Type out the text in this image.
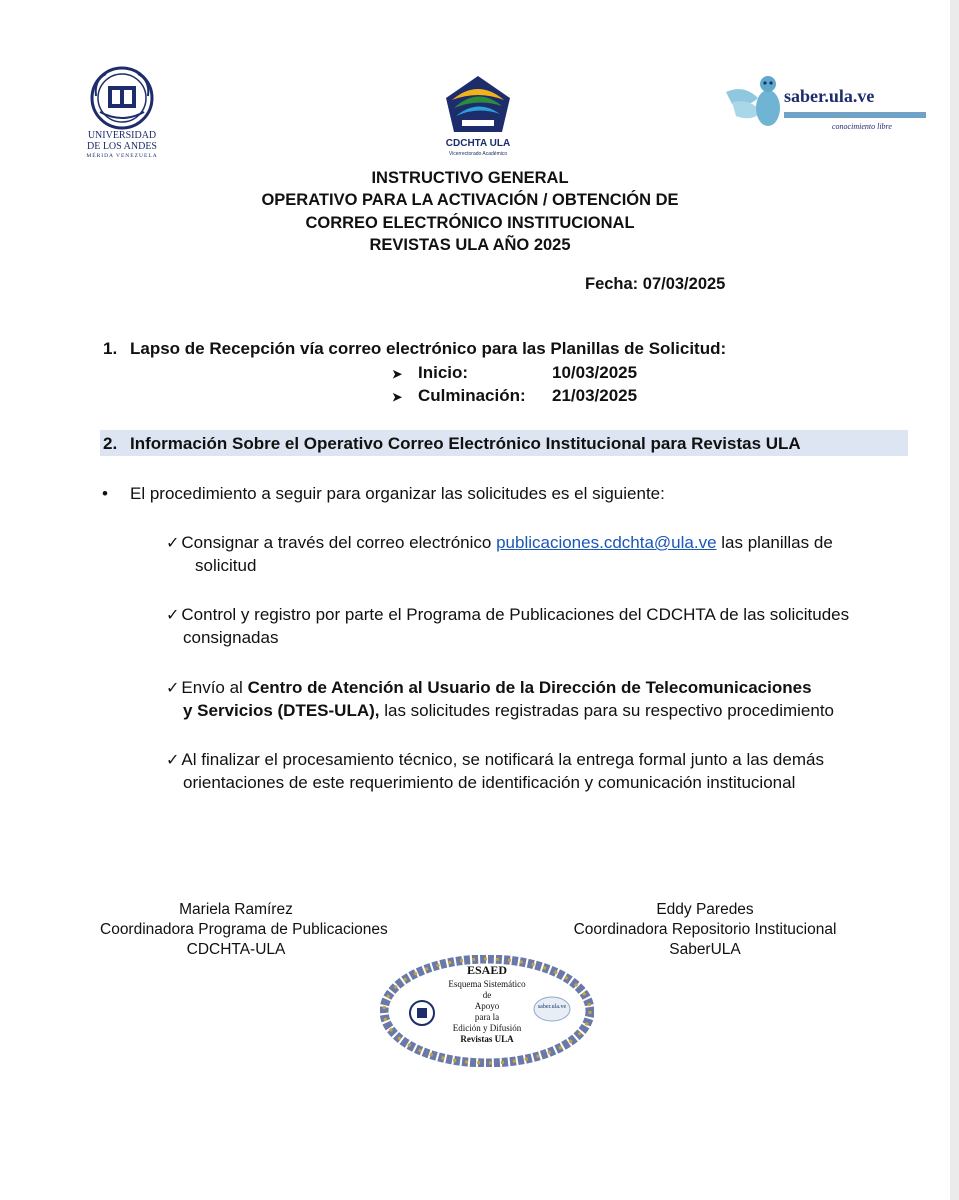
UNIVERSIDAD
DE LOS ANDES
MÉRIDA VENEZUELA
CDCHTA ULA
Vicerrectorado Académico
saber.ula.ve
conocimiento libre
INSTRUCTIVO GENERAL
OPERATIVO PARA LA ACTIVACIÓN / OBTENCIÓN DE
CORREO ELECTRÓNICO INSTITUCIONAL
REVISTAS ULA AÑO 2025
Fecha: 07/03/2025
1. Lapso de Recepción vía correo electrónico para las Planillas de Solicitud:
➤ Inicio:	10/03/2025
➤ Culminación: 21/03/2025
2. Información Sobre el Operativo Correo Electrónico Institucional para Revistas ULA
• El procedimiento a seguir para organizar las solicitudes es el siguiente:
✓ Consignar a través del correo electrónico publicaciones.cdchta@ula.ve las planillas de
solicitud
✓ Control y registro por parte el Programa de Publicaciones del CDCHTA de las solicitudes
consignadas
✓ Envío al Centro de Atención al Usuario de la Dirección de Telecomunicaciones
y Servicios (DTES-ULA), las solicitudes registradas para su respectivo procedimiento
✓ Al finalizar el procesamiento técnico, se notificará la entrega formal junto a las demás
orientaciones de este requerimiento de identificación y comunicación institucional
Mariela Ramírez
Coordinadora Programa de Publicaciones
CDCHTA-ULA
Eddy Paredes
Coordinadora Repositorio Institucional
SaberULA
ESAED
Esquema Sistemático
de
Apoyo
para la
Edición y Difusión
Revistas ULA
saber.ula.ve
